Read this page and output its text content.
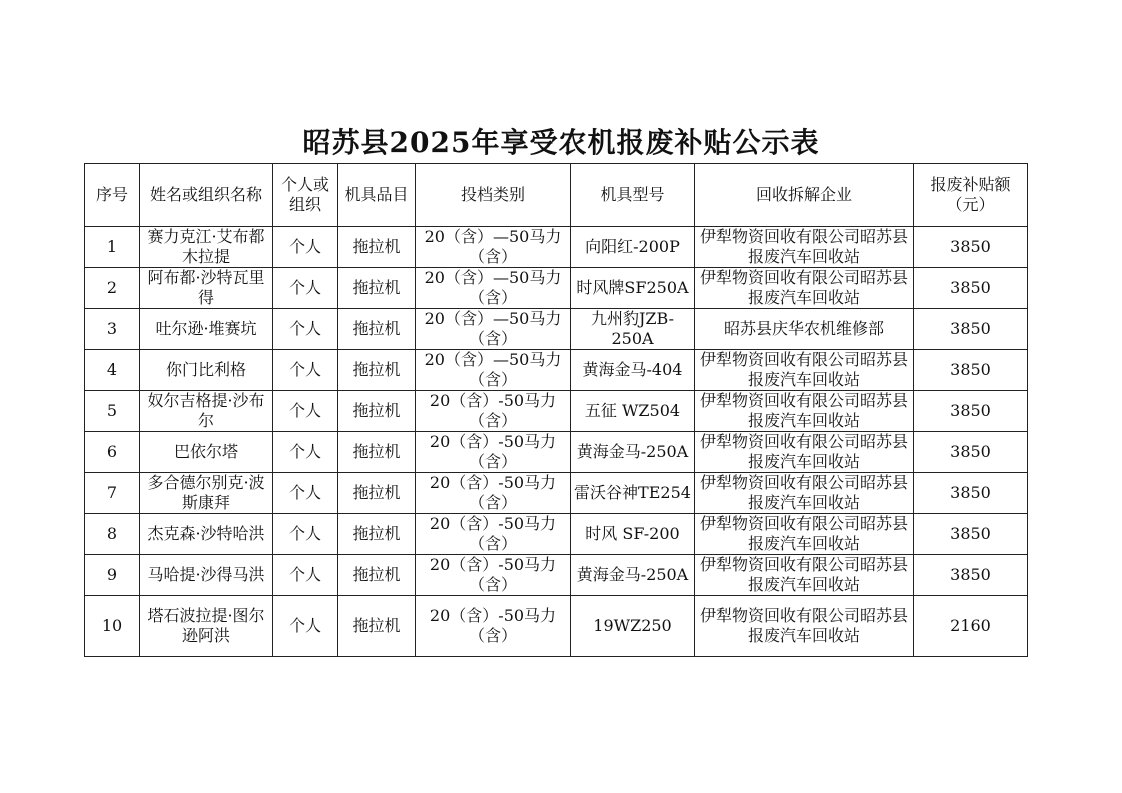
昭苏县2025年享受农机报废补贴公示表
序号	姓名或组织名称	个人或组织	机具品目	投档类别	机具型号	回收拆解企业	报废补贴额（元）
1	赛力克江·艾布都木拉提	个人	拖拉机	20（含）—50马力（含）	向阳红-200P	伊犁物资回收有限公司昭苏县报废汽车回收站	3850
2	阿布都·沙特瓦里得	个人	拖拉机	20（含）—50马力（含）	时风牌SF250A	伊犁物资回收有限公司昭苏县报废汽车回收站	3850
3	吐尔逊·堆赛坑	个人	拖拉机	20（含）—50马力（含）	九州豹JZB-250A	昭苏县庆华农机维修部	3850
4	你门比利格	个人	拖拉机	20（含）—50马力（含）	黄海金马-404	伊犁物资回收有限公司昭苏县报废汽车回收站	3850
5	奴尔吉格提·沙布尔	个人	拖拉机	20（含）-50马力（含）	五征 WZ504	伊犁物资回收有限公司昭苏县报废汽车回收站	3850
6	巴依尔塔	个人	拖拉机	20（含）-50马力（含）	黄海金马-250A	伊犁物资回收有限公司昭苏县报废汽车回收站	3850
7	多合德尔别克·波斯康拜	个人	拖拉机	20（含）-50马力（含）	雷沃谷神TE254	伊犁物资回收有限公司昭苏县报废汽车回收站	3850
8	杰克森·沙特哈洪	个人	拖拉机	20（含）-50马力（含）	时风 SF-200	伊犁物资回收有限公司昭苏县报废汽车回收站	3850
9	马哈提·沙得马洪	个人	拖拉机	20（含）-50马力（含）	黄海金马-250A	伊犁物资回收有限公司昭苏县报废汽车回收站	3850
10	塔石波拉提·图尔逊阿洪	个人	拖拉机	20（含）-50马力（含）	19WZ250	伊犁物资回收有限公司昭苏县报废汽车回收站	2160
